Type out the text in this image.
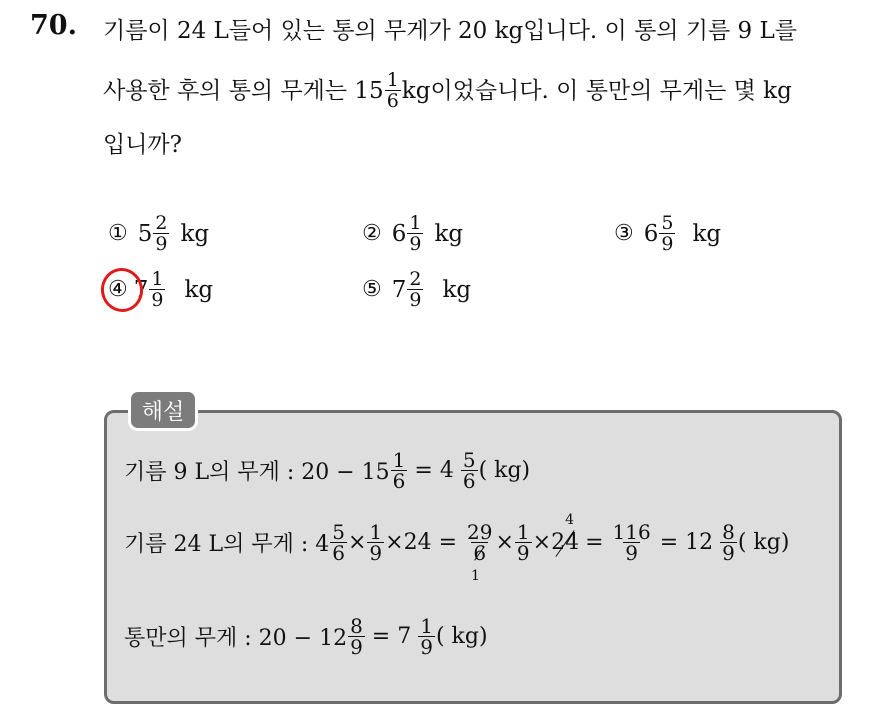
70. 기름이 24 L들어 있는 통의 무게가 20 kg입니다. 이 통의 기름 9 L를
사용한 후의 통의 무게는 $15 \frac{1}{6}$ kg이었습니다. 이 통만의 무게는 몇 kg
입니까?
① $5 \frac{2}{9}$ kg	② $6 \frac{1}{9}$ kg	③ $6 \frac{5}{9}$ kg
④ $7 \frac{1}{9}$ kg	⑤ $7 \frac{2}{9}$ kg
해설
기름 9 L의 무게 : $20 - 15 \frac{1}{6} = 4 \frac{5}{6}$ ( kg)
기름 24 L의 무게 : $4 \frac{5}{6} \times \frac{1}{9} \times 24 = 29$
6
1
× $\frac{1}{9} \times 24$
4
= $\frac{116}{9} = 12 \frac{8}{9}$ ( kg)
통만의 무게 : $20 - 12 \frac{8}{9} = 7 \frac{1}{9}$ ( kg)
